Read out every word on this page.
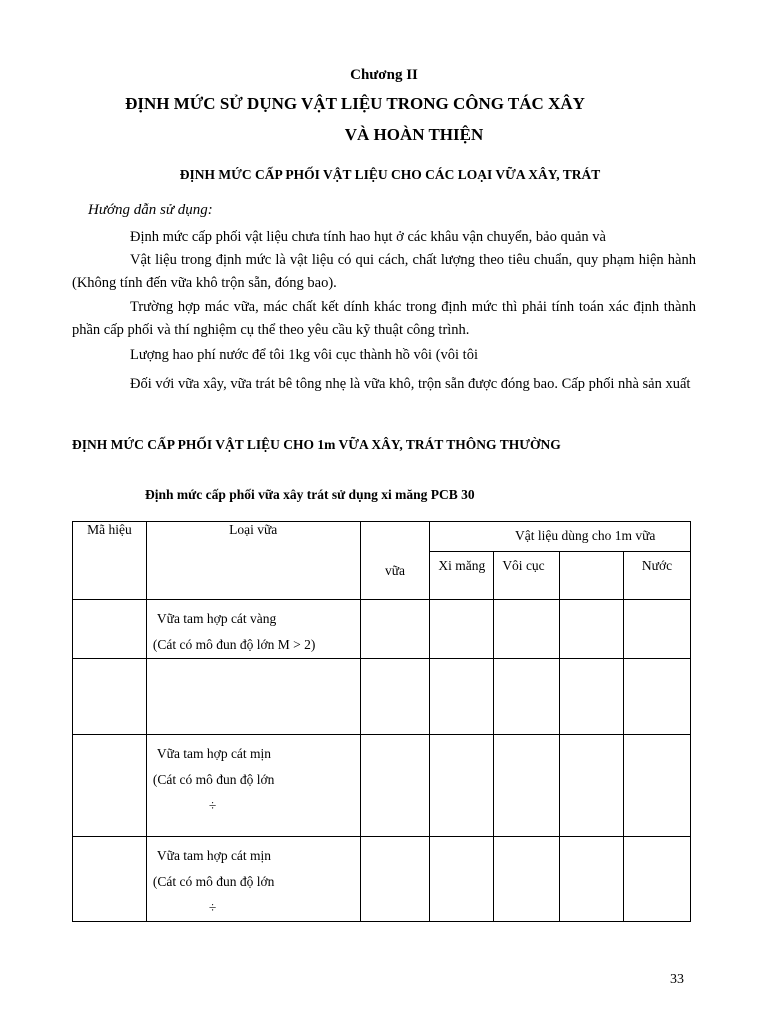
Chương II
ĐỊNH MỨC SỬ DỤNG VẬT LIỆU TRONG CÔNG TÁC XÂY
VÀ HOÀN THIỆN
ĐỊNH MỨC CẤP PHỐI VẬT LIỆU CHO CÁC LOẠI VỮA XÂY, TRÁT
Hướng dẫn sử dụng:
Định mức cấp phối vật liệu chưa tính hao hụt ở các khâu vận chuyển, bảo quản và
Vật liệu trong định mức là vật liệu có qui cách, chất lượng theo tiêu chuẩn, quy phạm hiện hành (Không tính đến vữa khô trộn sẵn, đóng bao).
Trường hợp mác vữa, mác chất kết dính khác trong định mức thì phải tính toán xác định thành phần cấp phối và thí nghiệm cụ thể theo yêu cầu kỹ thuật công trình.
Lượng hao phí nước để tôi 1kg vôi cục thành hồ vôi (vôi tôi
Đối với vữa xây, vữa trát bê tông nhẹ là vữa khô, trộn sẵn được đóng bao. Cấp phối nhà sản xuất
ĐỊNH MỨC CẤP PHỐI VẬT LIỆU CHO 1m VỮA XÂY, TRÁT THÔNG THƯỜNG
Định mức cấp phối vữa xây trát sử dụng xi măng PCB 30
Mã hiệu	Loại vữa	vữa	Vật liệu dùng cho 1m vữa			
			Xi măng	Vôi cục		Nước

	Vữa tam hợp cát vàng
(Cát có mô đun độ lớn M > 2)					

	Vữa tam hợp cát mịn
(Cát có mô đun độ lớn
÷					

	Vữa tam hợp cát mịn
(Cát có mô đun độ lớn
÷					

33
